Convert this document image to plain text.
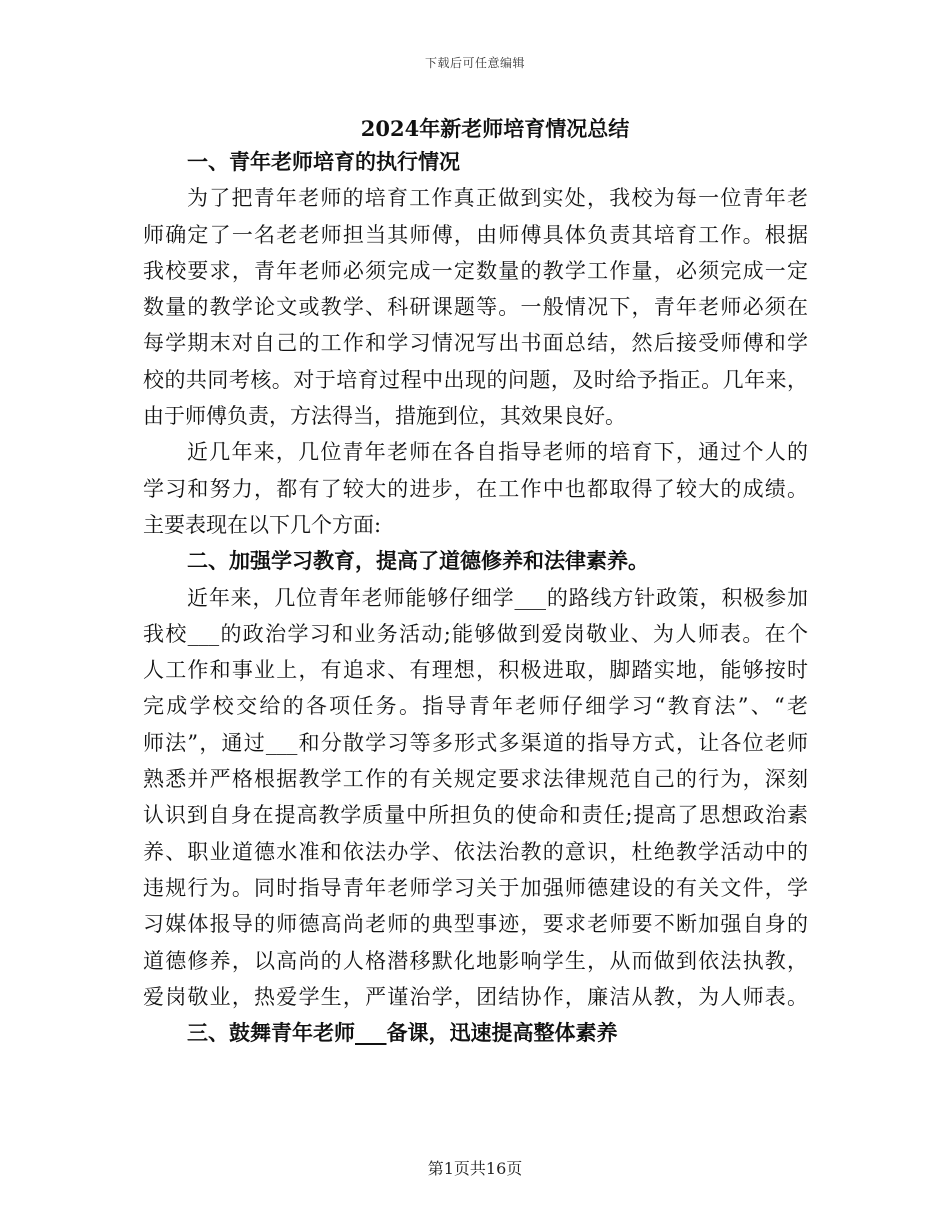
下载后可任意编辑
2024年新老师培育情况总结
一、青年老师培育的执行情况
为了把青年老师的培育工作真正做到实处，我校为每一位青年老
师确定了一名老老师担当其师傅，由师傅具体负责其培育工作。根据
我校要求，青年老师必须完成一定数量的教学工作量，必须完成一定
数量的教学论文或教学、科研课题等。一般情况下，青年老师必须在
每学期末对自己的工作和学习情况写出书面总结，然后接受师傅和学
校的共同考核。对于培育过程中出现的问题，及时给予指正。几年来，
由于师傅负责，方法得当，措施到位，其效果良好。
近几年来，几位青年老师在各自指导老师的培育下，通过个人的
学习和努力，都有了较大的进步，在工作中也都取得了较大的成绩。
主要表现在以下几个方面:
二、加强学习教育，提高了道德修养和法律素养。
近年来，几位青年老师能够仔细学___的路线方针政策，积极参加
我校___的政治学习和业务活动;能够做到爱岗敬业、为人师表。在个
人工作和事业上，有追求、有理想，积极进取，脚踏实地，能够按时
完成学校交给的各项任务。指导青年老师仔细学习“教育法”、“老
师法”，通过___和分散学习等多形式多渠道的指导方式，让各位老师
熟悉并严格根据教学工作的有关规定要求法律规范自己的行为，深刻
认识到自身在提高教学质量中所担负的使命和责任;提高了思想政治素
养、职业道德水准和依法办学、依法治教的意识，杜绝教学活动中的
违规行为。同时指导青年老师学习关于加强师德建设的有关文件，学
习媒体报导的师德高尚老师的典型事迹，要求老师要不断加强自身的
道德修养，以高尚的人格潜移默化地影响学生，从而做到依法执教，
爱岗敬业，热爱学生，严谨治学，团结协作，廉洁从教，为人师表。
三、鼓舞青年老师___备课，迅速提高整体素养
第1页共16页
